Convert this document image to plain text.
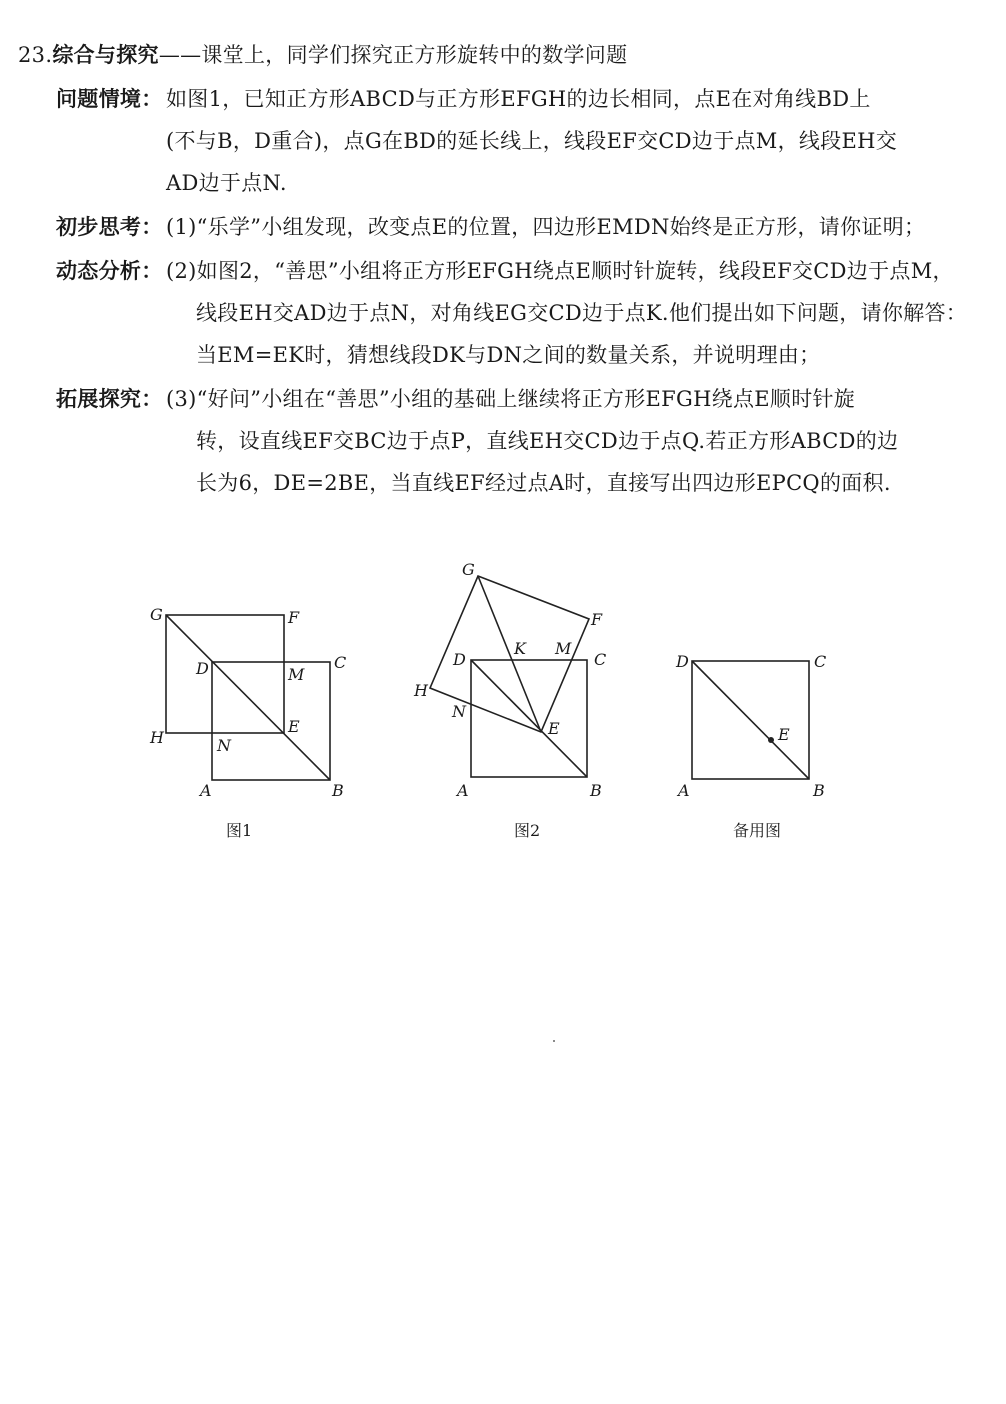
23.综合与探究——课堂上，同学们探究正方形旋转中的数学问题
问题情境： 如图1，已知正方形ABCD与正方形EFGH的边长相同，点E在对角线BD上
(不与B，D重合)，点G在BD的延长线上，线段EF交CD边于点M，线段EH交
AD边于点N.
初步思考： (1)“乐学”小组发现，改变点E的位置，四边形EMDN始终是正方形，请你证明；
动态分析： (2)如图2，“善思”小组将正方形EFGH绕点E顺时针旋转，线段EF交CD边于点M，
线段EH交AD边于点N，对角线EG交CD边于点K.他们提出如下问题，请你解答：
当EM=EK时，猜想线段DK与DN之间的数量关系，并说明理由；
拓展探究： (3)“好问”小组在“善思”小组的基础上继续将正方形EFGH绕点E顺时针旋
转，设直线EF交BC边于点P，直线EH交CD边于点Q.若正方形ABCD的边
长为6，DE=2BE，当直线EF经过点A时，直接写出四边形EPCQ的面积.
G	F
D	M
C
H	N
E
A	B
图1
G
F
K M
D	C
H
N
E
A	B
图2
D	C
E
A	B
备用图
